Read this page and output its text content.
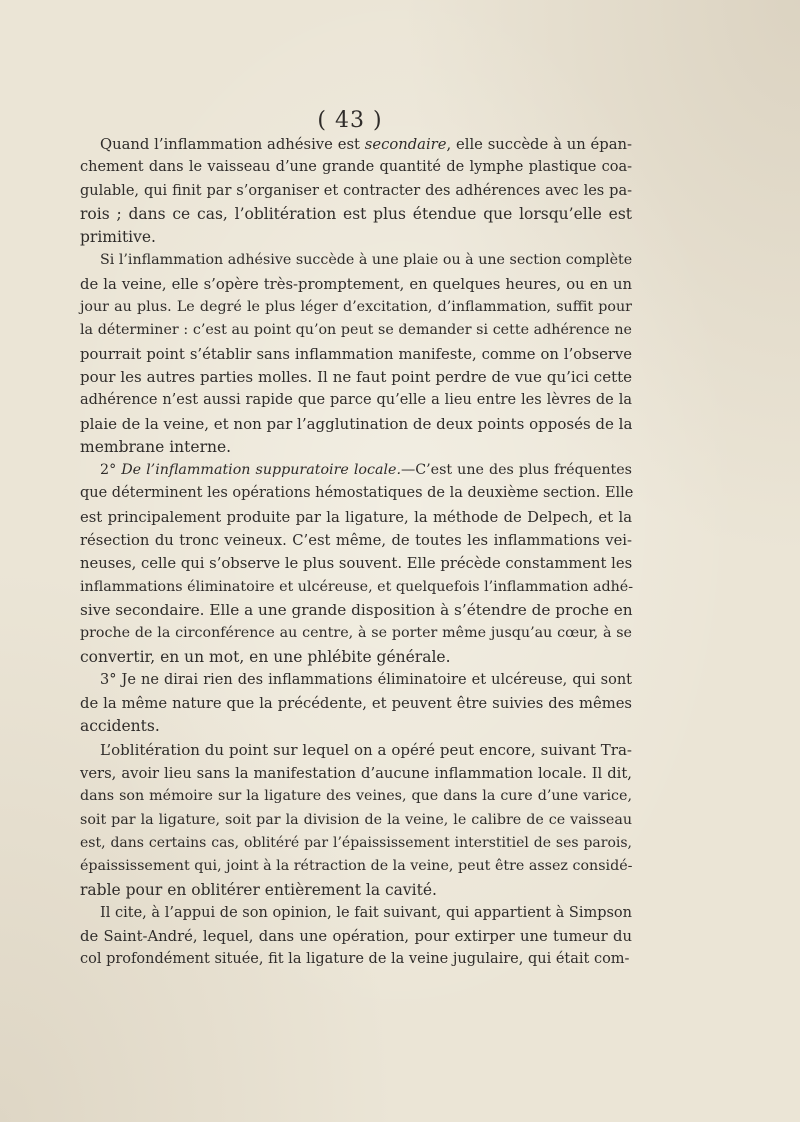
( 43 )
Quand l’inflammation adhésive est secondaire, elle succède à un épan-
chement dans le vaisseau d’une grande quantité de lymphe plastique coa-
gulable, qui finit par s’organiser et contracter des adhérences avec les pa-
rois ; dans ce cas, l’oblitération est plus étendue que lorsqu’elle est
primitive.
Si l’inflammation adhésive succède à une plaie ou à une section complète
de la veine, elle s’opère très-promptement, en quelques heures, ou en un
jour au plus. Le degré le plus léger d’excitation, d’inflammation, suffit pour
la déterminer : c’est au point qu’on peut se demander si cette adhérence ne
pourrait point s’établir sans inflammation manifeste, comme on l’observe
pour les autres parties molles. Il ne faut point perdre de vue qu’ici cette
adhérence n’est aussi rapide que parce qu’elle a lieu entre les lèvres de la
plaie de la veine, et non par l’agglutination de deux points opposés de la
membrane interne.
2° De l’inflammation suppuratoire locale.—C’est une des plus fréquentes
que déterminent les opérations hémostatiques de la deuxième section. Elle
est principalement produite par la ligature, la méthode de Delpech, et la
résection du tronc veineux. C’est même, de toutes les inflammations vei-
neuses, celle qui s’observe le plus souvent. Elle précède constamment les
inflammations éliminatoire et ulcéreuse, et quelquefois l’inflammation adhé-
sive secondaire. Elle a une grande disposition à s’étendre de proche en
proche de la circonférence au centre, à se porter même jusqu’au cœur, à se
convertir, en un mot, en une phlébite générale.
3° Je ne dirai rien des inflammations éliminatoire et ulcéreuse, qui sont
de la même nature que la précédente, et peuvent être suivies des mêmes
accidents.
L’oblitération du point sur lequel on a opéré peut encore, suivant Tra-
vers, avoir lieu sans la manifestation d’aucune inflammation locale. Il dit,
dans son mémoire sur la ligature des veines, que dans la cure d’une varice,
soit par la ligature, soit par la division de la veine, le calibre de ce vaisseau
est, dans certains cas, oblitéré par l’épaississement interstitiel de ses parois,
épaississement qui, joint à la rétraction de la veine, peut être assez considé-
rable pour en oblitérer entièrement la cavité.
Il cite, à l’appui de son opinion, le fait suivant, qui appartient à Simpson
de Saint-André, lequel, dans une opération, pour extirper une tumeur du
col profondément située, fit la ligature de la veine jugulaire, qui était com-
